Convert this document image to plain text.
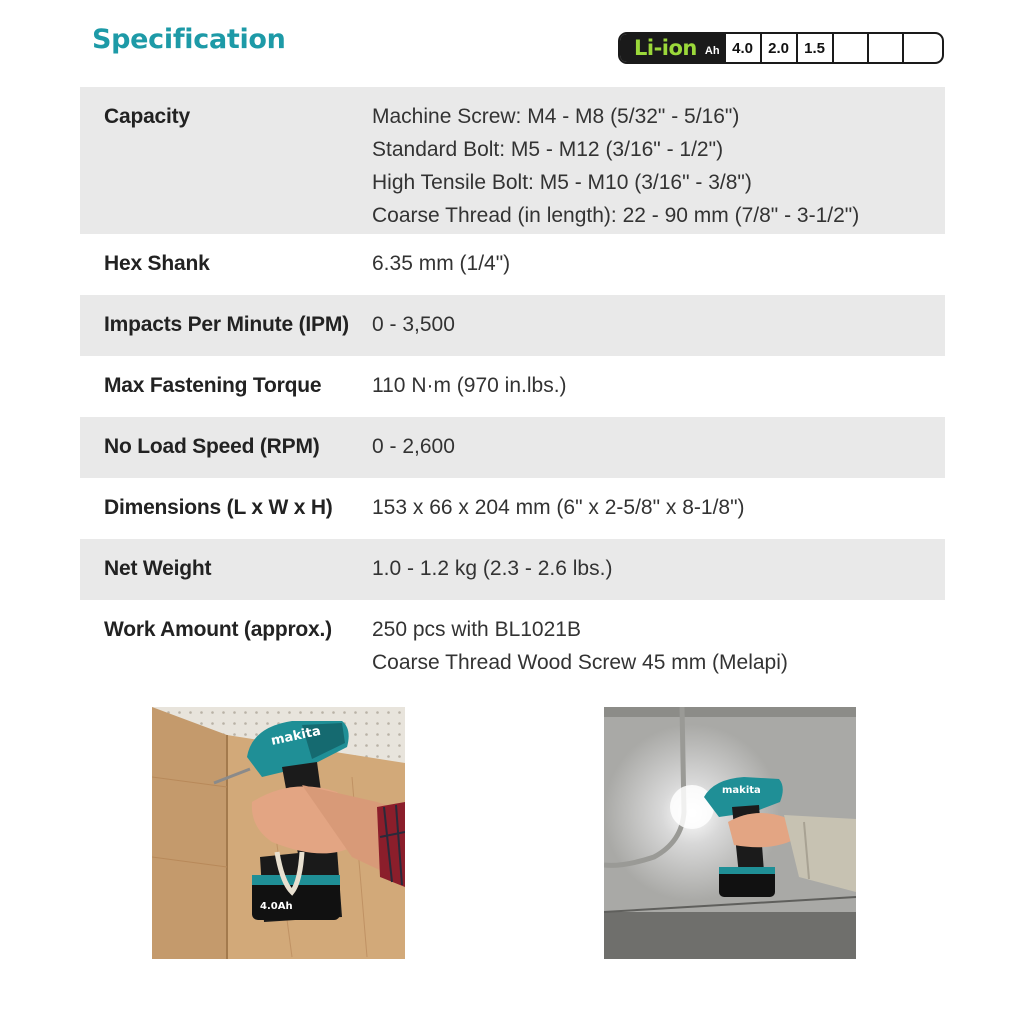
Specification	Li-ion Ah 4.0	2.0	1.5
Capacity	Machine Screw: M4 - M8 (5/32" - 5/16")
Standard Bolt: M5 - M12 (3/16" - 1/2")
High Tensile Bolt: M5 - M10 (3/16" - 3/8")
Coarse Thread (in length): 22 - 90 mm (7/8" - 3-1/2")

Hex Shank	6.35 mm (1/4")

Impacts Per Minute (IPM)	0 - 3,500

Max Fastening Torque	110 N·m (970 in.lbs.)

No Load Speed (RPM)	0 - 2,600

Dimensions (L x W x H)	153 x 66 x 204 mm (6" x 2-5/8" x 8-1/8")

Net Weight	1.0 - 1.2 kg (2.3 - 2.6 lbs.)

Work Amount (approx.)	250 pcs with BL1021B
Coarse Thread Wood Screw 45 mm (Melapi)
makita
4.0Ah
makita
